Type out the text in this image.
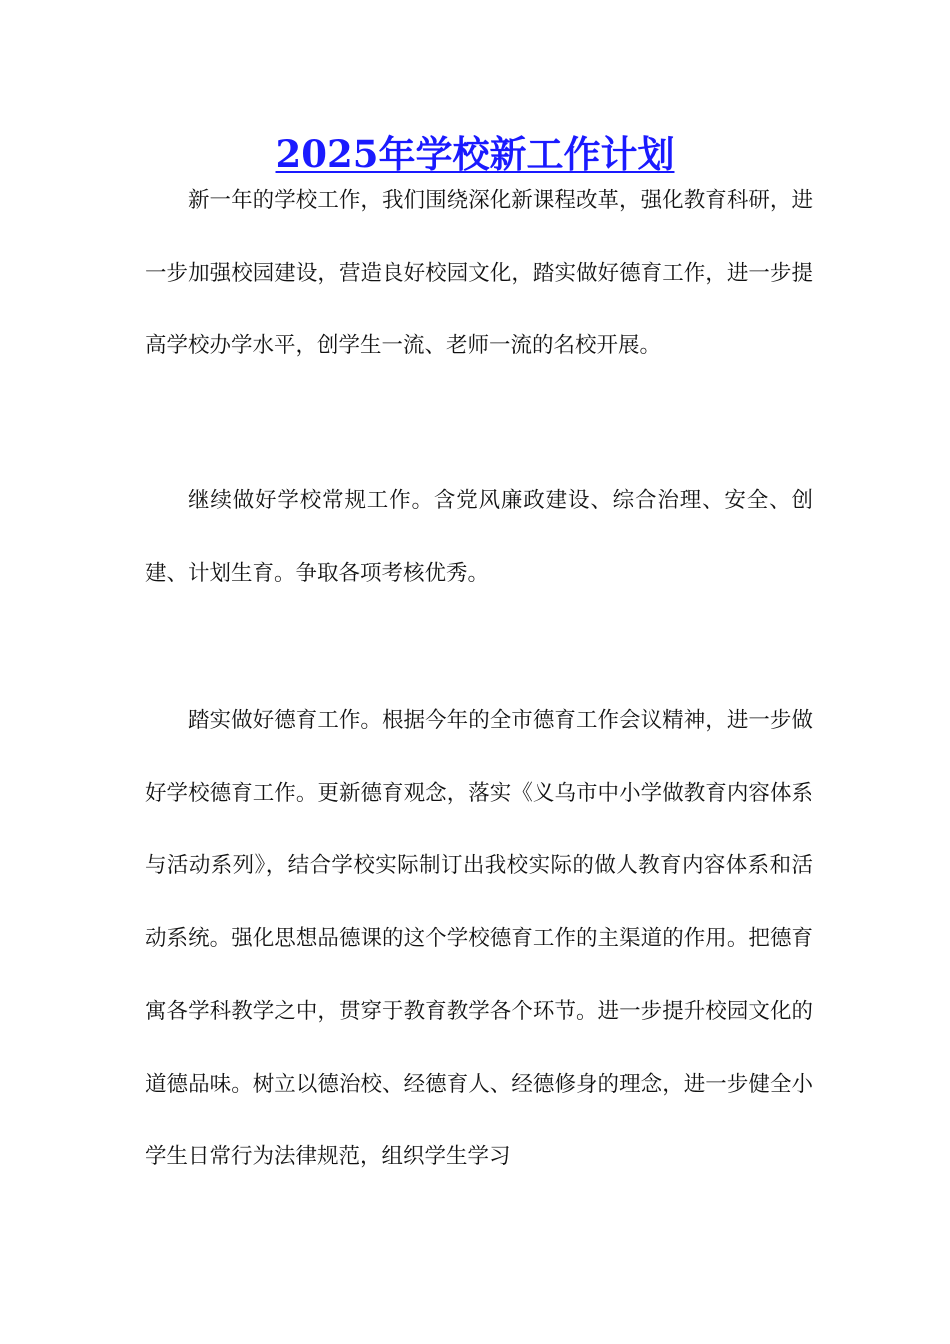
2025年学校新工作计划

新一年的学校工作，我们围绕深化新课程改革，强化教育科研，进一步加强校园建设，营造良好校园文化，踏实做好德育工作，进一步提高学校办学水平，创学生一流、老师一流的名校开展。

继续做好学校常规工作。含党风廉政建设、综合治理、安全、创建、计划生育。争取各项考核优秀。

踏实做好德育工作。根据今年的全市德育工作会议精神，进一步做好学校德育工作。更新德育观念，落实《义乌市中小学做教育内容体系与活动系列》，结合学校实际制订出我校实际的做人教育内容体系和活动系统。强化思想品德课的这个学校德育工作的主渠道的作用。把德育寓各学科教学之中，贯穿于教育教学各个环节。进一步提升校园文化的道德品味。树立以德治校、经德育人、经德修身的理念，进一步健全小学生日常行为法律规范，组织学生学习
